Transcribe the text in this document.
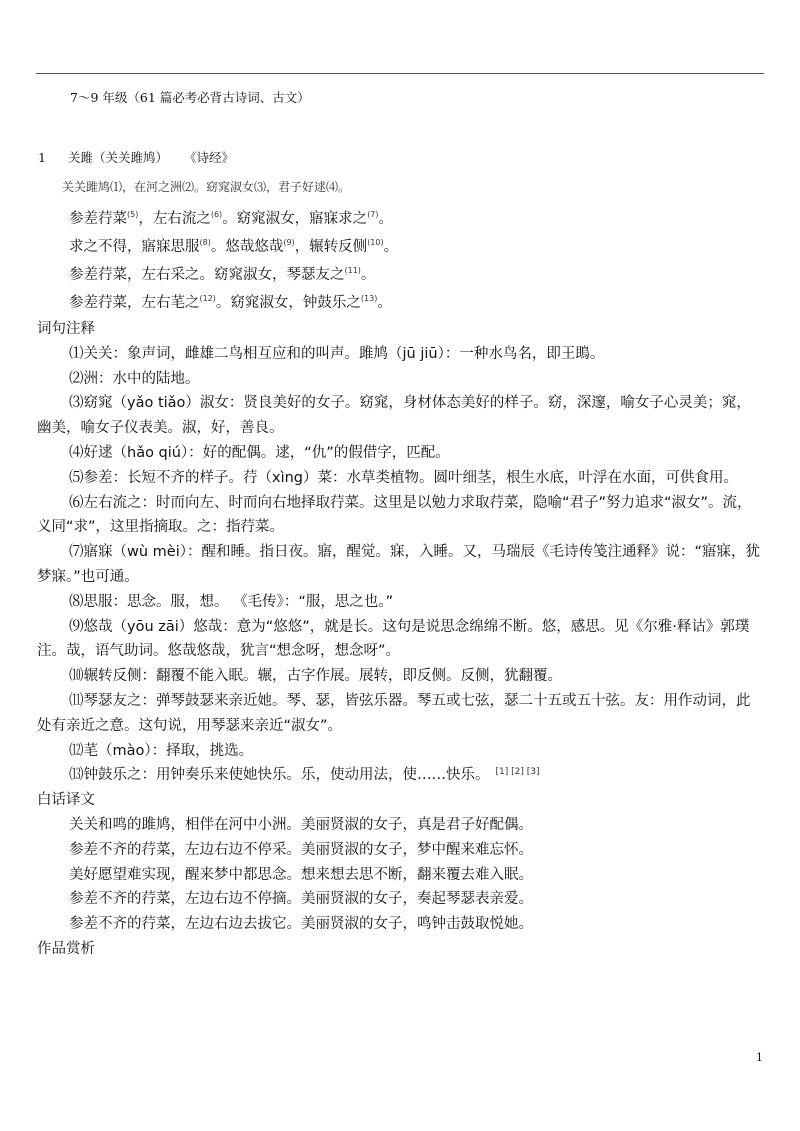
7～9 年级（61 篇必考必背古诗词、古文）
1 关雎（关关雎鸠） 《诗经》
关关雎鸠⑴，在河之洲⑵。窈窕淑女⑶，君子好逑⑷。

参差荇菜$^{(5)}$，左右流之$^{(6)}$。窈窕淑女，寤寐求之$^{(7)}$。

求之不得，寤寐思服$^{(8)}$。悠哉悠哉$^{(9)}$，辗转反侧$^{(10)}$。

参差荇菜，左右采之。窈窕淑女，琴瑟友之$^{(11)}$。

参差荇菜，左右芼之$^{(12)}$。窈窕淑女，钟鼓乐之$^{(13)}$。

词句注释

⑴关关：象声词，雌雄二鸟相互应和的叫声。雎鸠（jū jiū）：一种水鸟名，即王鴡。

⑵洲：水中的陆地。

⑶窈窕（yǎo tiǎo）淑女：贤良美好的女子。窈窕，身材体态美好的样子。窈，深邃，喻女子心灵美；窕，幽美，喻女子仪表美。淑，好，善良。

⑷好逑（hǎo qiú）：好的配偶。逑，“仇”的假借字，匹配。

⑸参差：长短不齐的样子。荇（xìng）菜：水草类植物。圆叶细茎，根生水底，叶浮在水面，可供食用。

⑹左右流之：时而向左、时而向右地择取荇菜。这里是以勉力求取荇菜，隐喻“君子”努力追求“淑女”。流，义同“求”，这里指摘取。之：指荇菜。

⑺寤寐（wù mèi）：醒和睡。指日夜。寤，醒觉。寐，入睡。又，马瑞辰《毛诗传笺注通释》说：“寤寐，犹梦寐。”也可通。

⑻思服：思念。服，想。 《毛传》：“服，思之也。”

⑼悠哉（yōu zāi）悠哉：意为“悠悠”，就是长。这句是说思念绵绵不断。悠，感思。见《尔雅·释诂》郭璞注。哉，语气助词。悠哉悠哉，犹言“想念呀，想念呀”。

⑽辗转反侧：翻覆不能入眠。辗，古字作展。展转，即反侧。反侧，犹翻覆。

⑾琴瑟友之：弹琴鼓瑟来亲近她。琴、瑟，皆弦乐器。琴五或七弦，瑟二十五或五十弦。友：用作动词，此处有亲近之意。这句说，用琴瑟来亲近“淑女”。

⑿芼（mào）：择取，挑选。

⒀钟鼓乐之：用钟奏乐来使她快乐。乐，使动用法，使……快乐。 [1] [2] [3]

白话译文

关关和鸣的雎鸠，相伴在河中小洲。美丽贤淑的女子，真是君子好配偶。

参差不齐的荇菜，左边右边不停采。美丽贤淑的女子，梦中醒来难忘怀。

美好愿望难实现，醒来梦中都思念。想来想去思不断，翻来覆去难入眠。

参差不齐的荇菜，左边右边不停摘。美丽贤淑的女子，奏起琴瑟表亲爱。

参差不齐的荇菜，左边右边去拔它。美丽贤淑的女子，鸣钟击鼓取悦她。

作品赏析

1
